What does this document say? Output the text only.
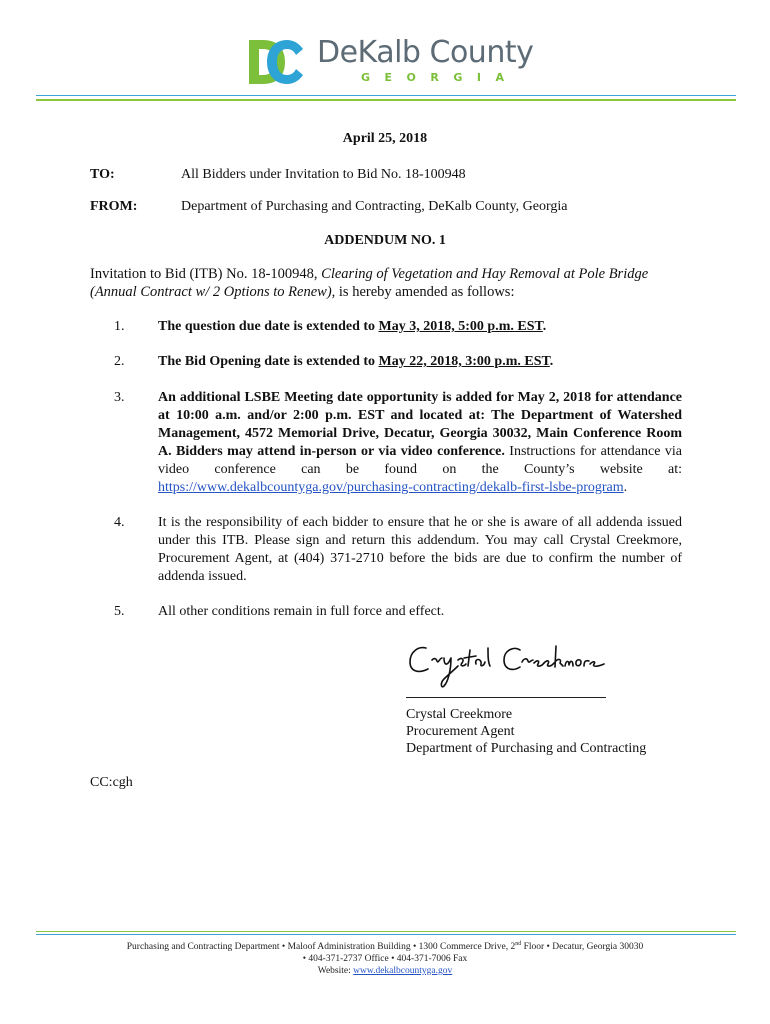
DeKalb County
GEORGIA
April 25, 2018
TO:	All Bidders under Invitation to Bid No. 18-100948
FROM:	Department of Purchasing and Contracting, DeKalb County, Georgia
ADDENDUM NO. 1
Invitation to Bid (ITB) No. 18-100948, Clearing of Vegetation and Hay Removal at Pole Bridge (Annual Contract w/ 2 Options to Renew), is hereby amended as follows:
1. The question due date is extended to May 3, 2018, 5:00 p.m. EST.
2. The Bid Opening date is extended to May 22, 2018, 3:00 p.m. EST.
3. An additional LSBE Meeting date opportunity is added for May 2, 2018 for attendance at 10:00 a.m. and/or 2:00 p.m. EST and located at: The Department of Watershed Management, 4572 Memorial Drive, Decatur, Georgia 30032, Main Conference Room A. Bidders may attend in-person or via video conference. Instructions for attendance via video conference can be found on the County’s website at: https://www.dekalbcountyga.gov/purchasing-contracting/dekalb-first-lsbe-program.
4. It is the responsibility of each bidder to ensure that he or she is aware of all addenda issued under this ITB. Please sign and return this addendum. You may call Crystal Creekmore, Procurement Agent, at (404) 371-2710 before the bids are due to confirm the number of addenda issued.
5. All other conditions remain in full force and effect.
Crystal Creekmore
Procurement Agent
Department of Purchasing and Contracting
CC:cgh
Purchasing and Contracting Department • Maloof Administration Building • 1300 Commerce Drive, 2nd Floor • Decatur, Georgia 30030
• 404-371-2737 Office • 404-371-7006 Fax
Website: www.dekalbcountyga.gov
